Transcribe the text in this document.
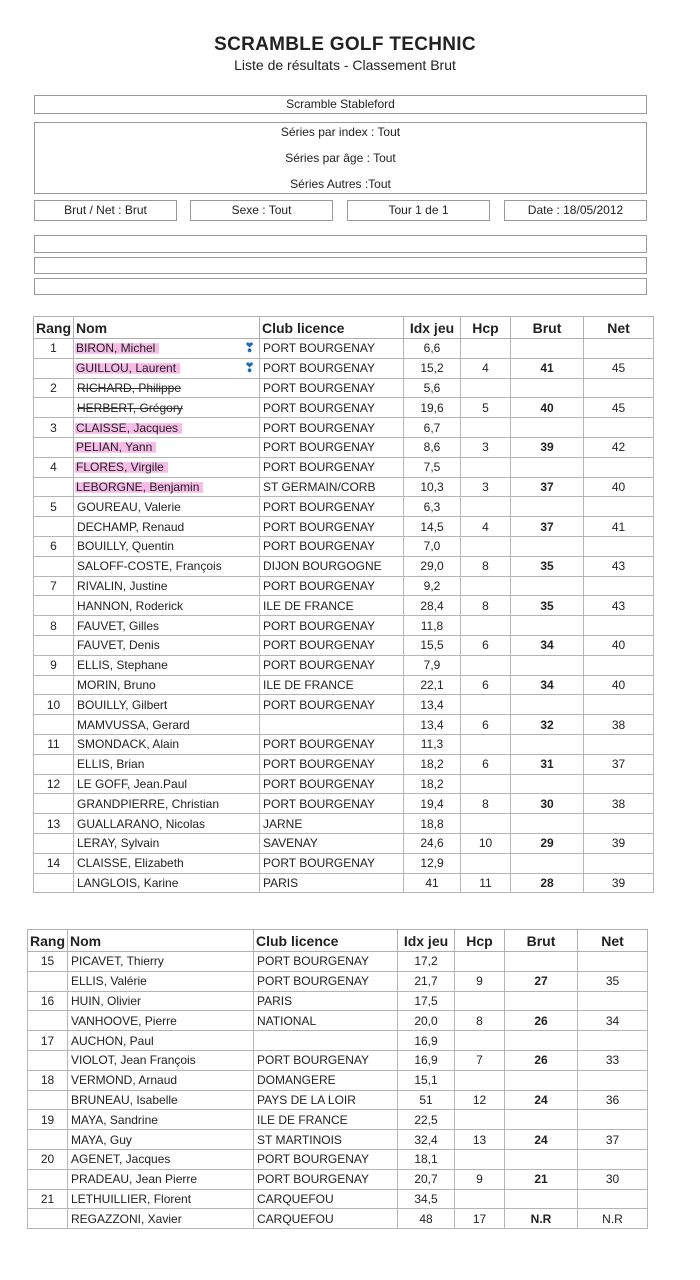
SCRAMBLE GOLF TECHNIC
Liste de résultats - Classement Brut
Scramble Stableford
Séries par index : Tout
Séries par âge : Tout
Séries Autres :Tout
Brut / Net : Brut	Sexe : Tout	Tour 1 de 1	Date : 18/05/2012
Rang	Nom	Club licence	Idx jeu	Hcp	Brut	Net
1	BIRON, Michel ❣	PORT BOURGENAY	6,6			
	GUILLOU, Laurent ❣	PORT BOURGENAY	15,2	4	41	45
2	RICHARD, Philippe	PORT BOURGENAY	5,6			
	HERBERT, Grégory	PORT BOURGENAY	19,6	5	40	45
3	CLAISSE, Jacques	PORT BOURGENAY	6,7			
	PELIAN, Yann	PORT BOURGENAY	8,6	3	39	42
4	FLORES, Virgile	PORT BOURGENAY	7,5			
	LEBORGNE, Benjamin	ST GERMAIN/CORB	10,3	3	37	40
5	GOUREAU, Valerie	PORT BOURGENAY	6,3			
	DECHAMP, Renaud	PORT BOURGENAY	14,5	4	37	41
6	BOUILLY, Quentin	PORT BOURGENAY	7,0			
	SALOFF-COSTE, François	DIJON BOURGOGNE	29,0	8	35	43
7	RIVALIN, Justine	PORT BOURGENAY	9,2			
	HANNON, Roderick	ILE DE FRANCE	28,4	8	35	43
8	FAUVET, Gilles	PORT BOURGENAY	11,8			
	FAUVET, Denis	PORT BOURGENAY	15,5	6	34	40
9	ELLIS, Stephane	PORT BOURGENAY	7,9			
	MORIN, Bruno	ILE DE FRANCE	22,1	6	34	40
10	BOUILLY, Gilbert	PORT BOURGENAY	13,4			
	MAMVUSSA, Gerard		13,4	6	32	38
11	SMONDACK, Alain	PORT BOURGENAY	11,3			
	ELLIS, Brian	PORT BOURGENAY	18,2	6	31	37
12	LE GOFF, Jean.Paul	PORT BOURGENAY	18,2			
	GRANDPIERRE, Christian	PORT BOURGENAY	19,4	8	30	38
13	GUALLARANO, Nicolas	JARNE	18,8			
	LERAY, Sylvain	SAVENAY	24,6	10	29	39
14	CLAISSE, Elizabeth	PORT BOURGENAY	12,9			
	LANGLOIS, Karine	PARIS	41	11	28	39
Rang	Nom	Club licence	Idx jeu	Hcp	Brut	Net
15	PICAVET, Thierry	PORT BOURGENAY	17,2			
	ELLIS, Valérie	PORT BOURGENAY	21,7	9	27	35
16	HUIN, Olivier	PARIS	17,5			
	VANHOOVE, Pierre	NATIONAL	20,0	8	26	34
17	AUCHON, Paul		16,9			
	VIOLOT, Jean François	PORT BOURGENAY	16,9	7	26	33
18	VERMOND, Arnaud	DOMANGERE	15,1			
	BRUNEAU, Isabelle	PAYS DE LA LOIR	51	12	24	36
19	MAYA, Sandrine	ILE DE FRANCE	22,5			
	MAYA, Guy	ST MARTINOIS	32,4	13	24	37
20	AGENET, Jacques	PORT BOURGENAY	18,1			
	PRADEAU, Jean Pierre	PORT BOURGENAY	20,7	9	21	30
21	LETHUILLIER, Florent	CARQUEFOU	34,5			
	REGAZZONI, Xavier	CARQUEFOU	48	17	N.R	N.R
